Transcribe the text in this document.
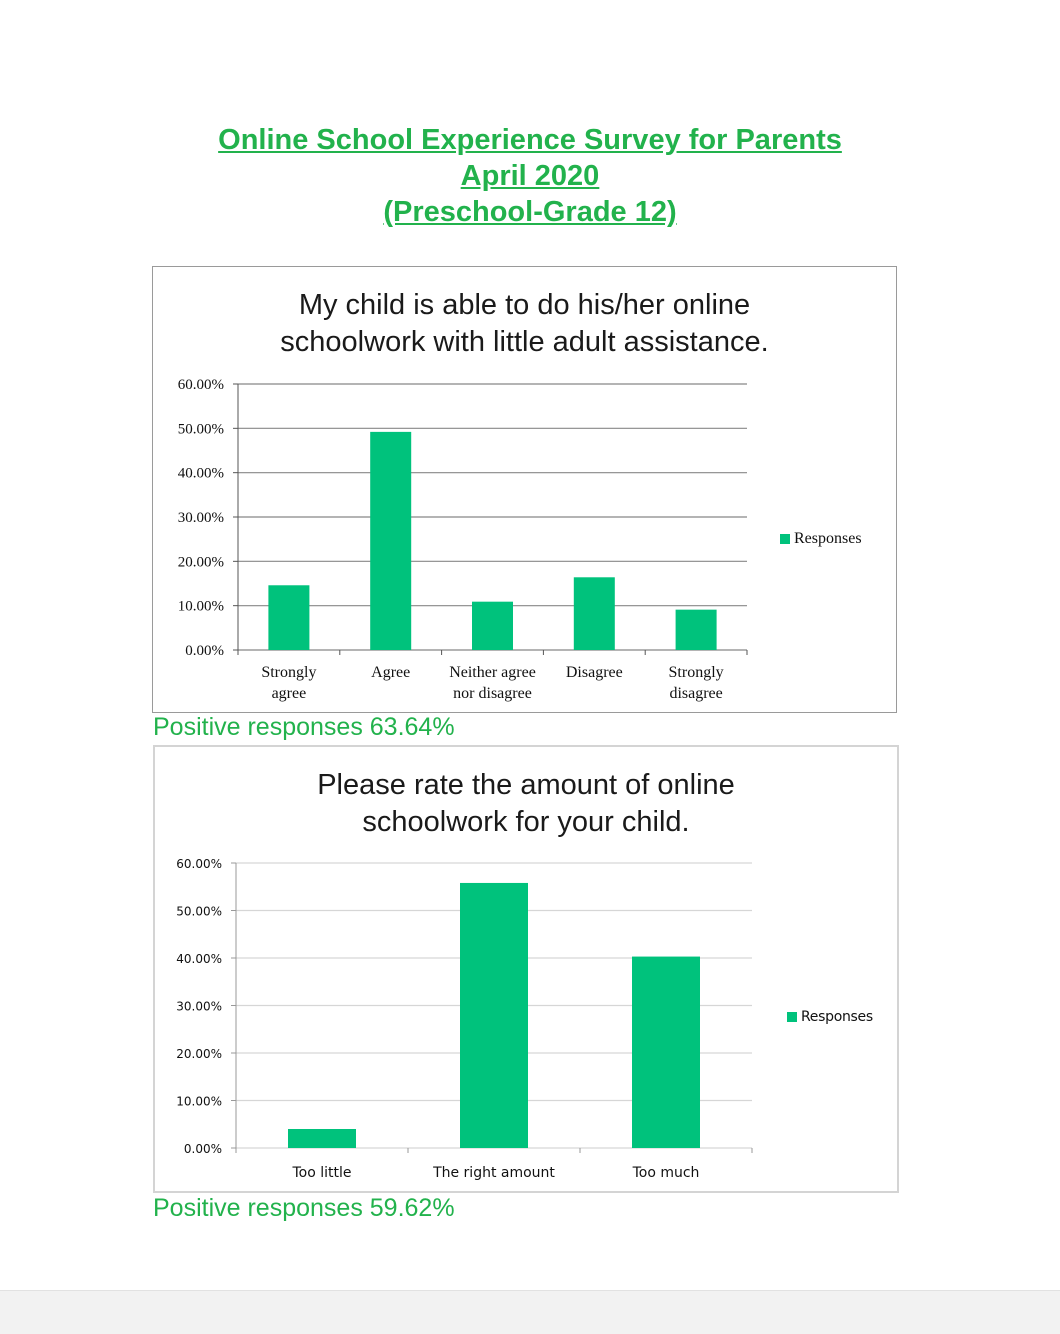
Online School Experience Survey for Parents
April 2020
(Preschool-Grade 12)
My child is able to do his/her online
schoolwork with little adult assistance.
0.00%
10.00%
20.00%
30.00%
40.00%
50.00%
60.00%
Strongly
agree
Agree Neither agree
nor disagree
Disagree	Strongly
disagree
Responses
Positive responses 63.64%
Please rate the amount of online
schoolwork for your child.
0.00%
10.00%
20.00%
30.00%
40.00%
50.00%
60.00%
Too little	The right amount	Too much
Responses
Positive responses 59.62%
